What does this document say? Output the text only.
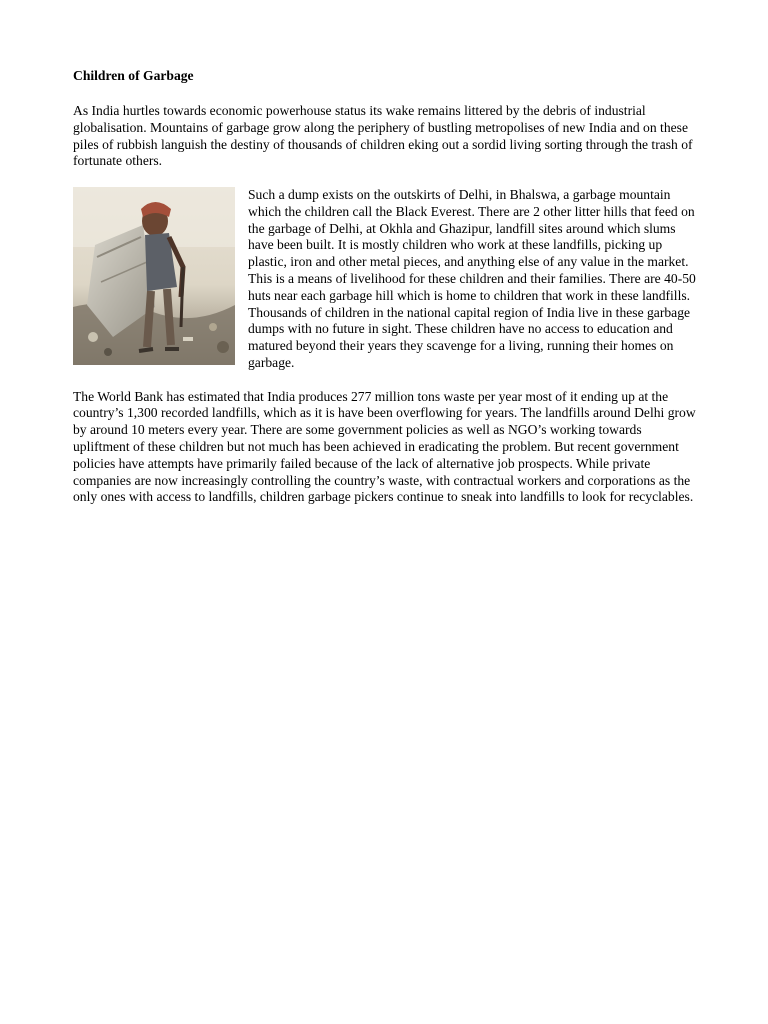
Children of Garbage

As India hurtles towards economic powerhouse status its wake remains littered by the debris of industrial globalisation. Mountains of garbage grow along the periphery of bustling metropolises of new India and on these piles of rubbish languish the destiny of thousands of children eking out a sordid living sorting through the trash of fortunate others.

Such a dump exists on the outskirts of Delhi, in Bhalswa, a garbage mountain which the children call the Black Everest. There are 2 other litter hills that feed on the garbage of Delhi, at Okhla and Ghazipur, landfill sites around which slums have been built. It is mostly children who work at these landfills, picking up plastic, iron and other metal pieces, and anything else of any value in the market. This is a means of livelihood for these children and their families. There are 40-50 huts near each garbage hill which is home to children that work in these landfills. Thousands of children in the national capital region of India live in these garbage dumps with no future in sight. These children have no access to education and matured beyond their years they scavenge for a living, running their homes on garbage.

The World Bank has estimated that India produces 277 million tons waste per year most of it ending up at the country’s 1,300 recorded landfills, which as it is have been overflowing for years. The landfills around Delhi grow by around 10 meters every year. There are some government policies as well as NGO’s working towards upliftment of these children but not much has been achieved in eradicating the problem. But recent government policies have attempts have primarily failed because of the lack of alternative job prospects. While private companies are now increasingly controlling the country’s waste, with contractual workers and corporations as the only ones with access to landfills, children garbage pickers continue to sneak into landfills to look for recyclables.
